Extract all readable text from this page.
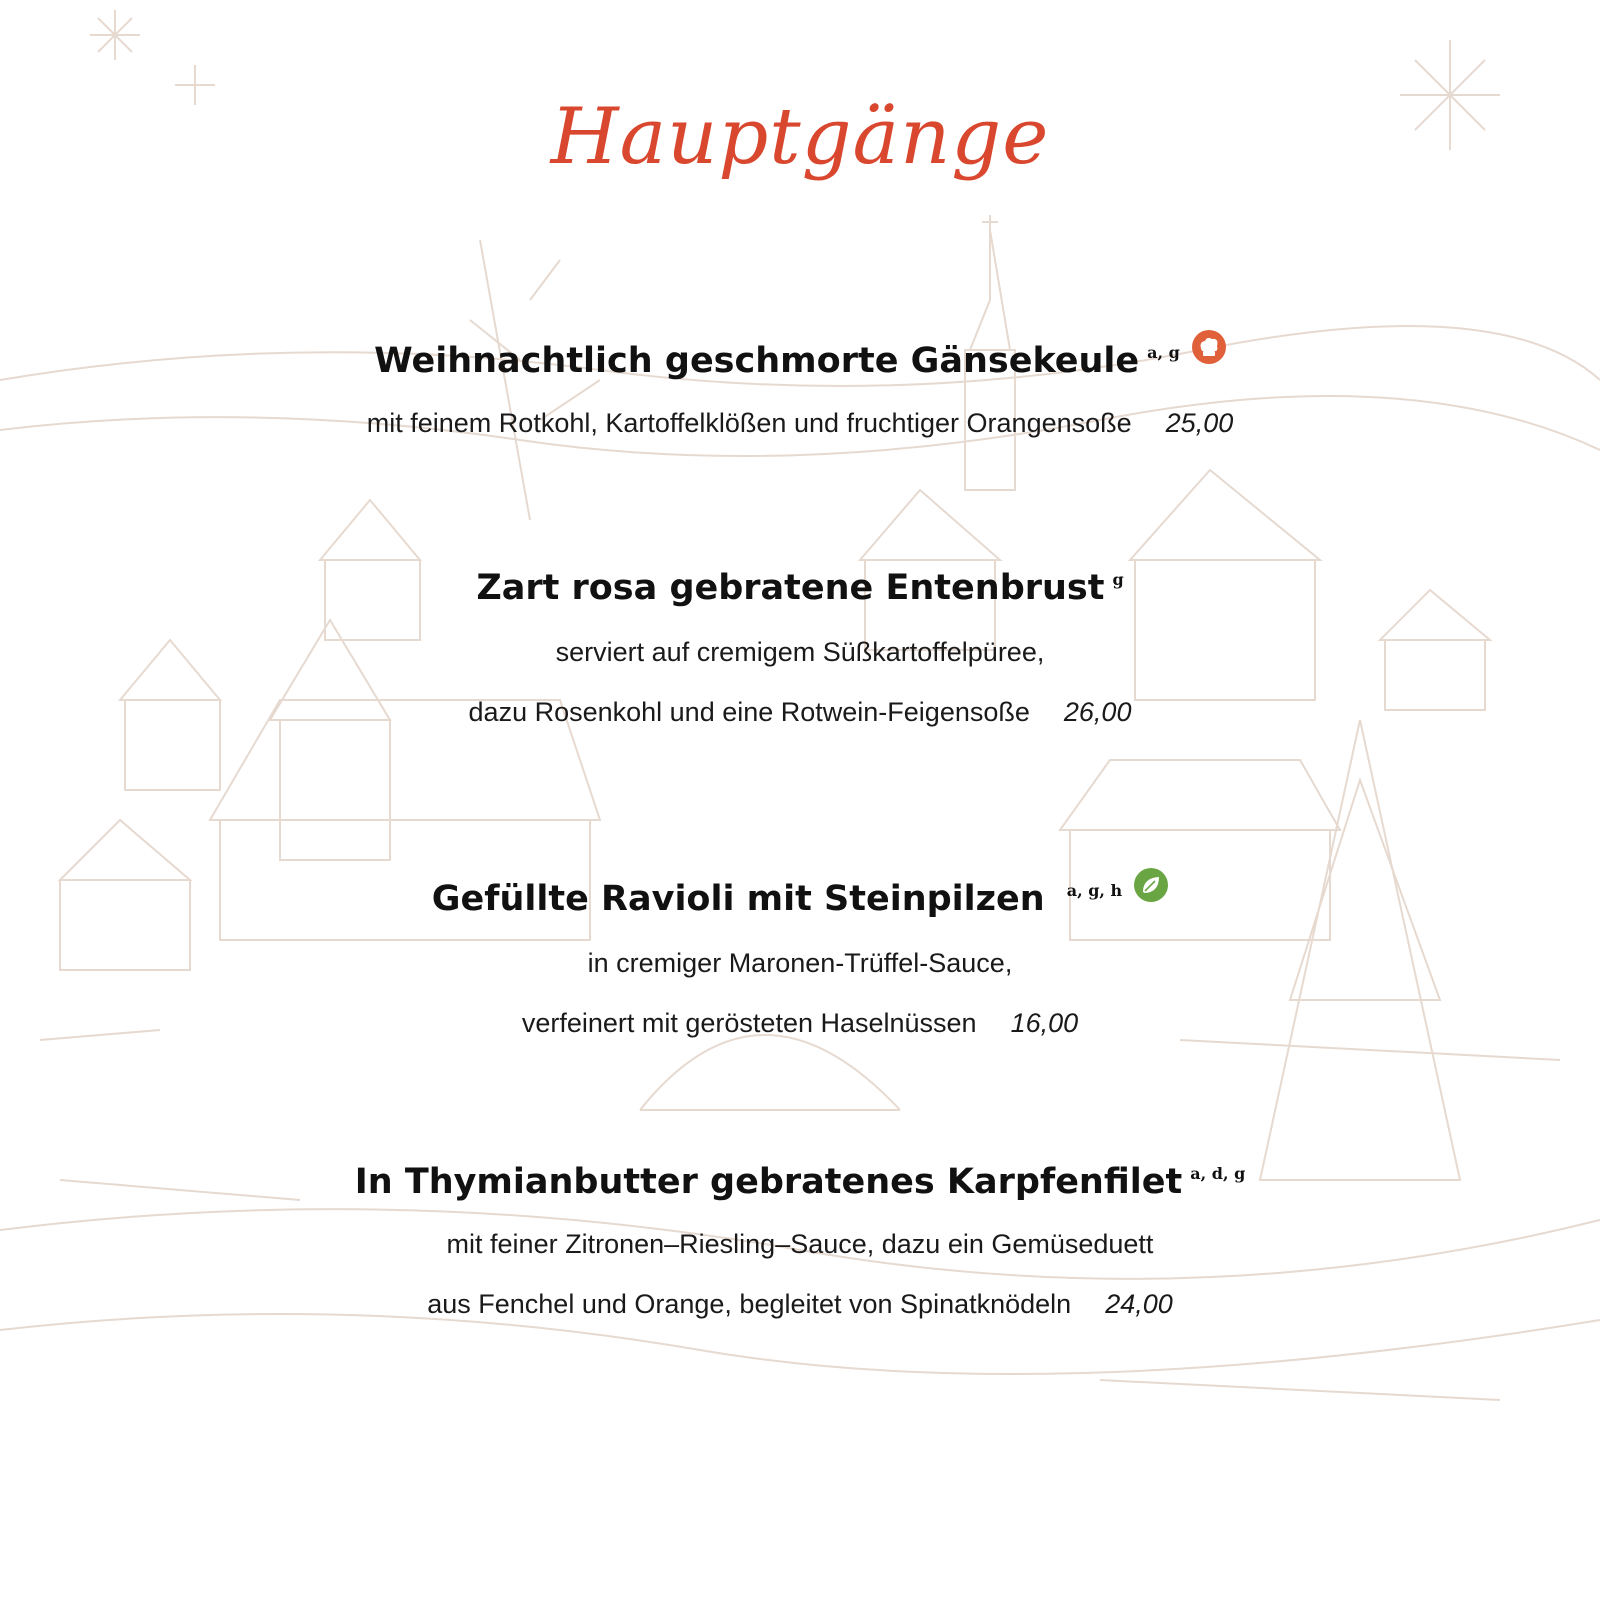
Hauptgänge
Weihnachtlich geschmorte Gänsekeule $^{a, g}$
mit feinem Rotkohl, Kartoffelklößen und fruchtiger Orangensoße 25,00
Zart rosa gebratene Entenbrust $^g$
serviert auf cremigem Süßkartoffelpüree,
dazu Rosenkohl und eine Rotwein-Feigensoße 26,00
Gefüllte Ravioli mit Steinpilzen $^{a, g, h}$
in cremiger Maronen-Trüffel-Sauce,
verfeinert mit gerösteten Haselnüssen 16,00
In Thymianbutter gebratenes Karpfenfilet $^{a, d, g}$
mit feiner Zitronen–Riesling–Sauce, dazu ein Gemüseduett
aus Fenchel und Orange, begleitet von Spinatknödeln 24,00
